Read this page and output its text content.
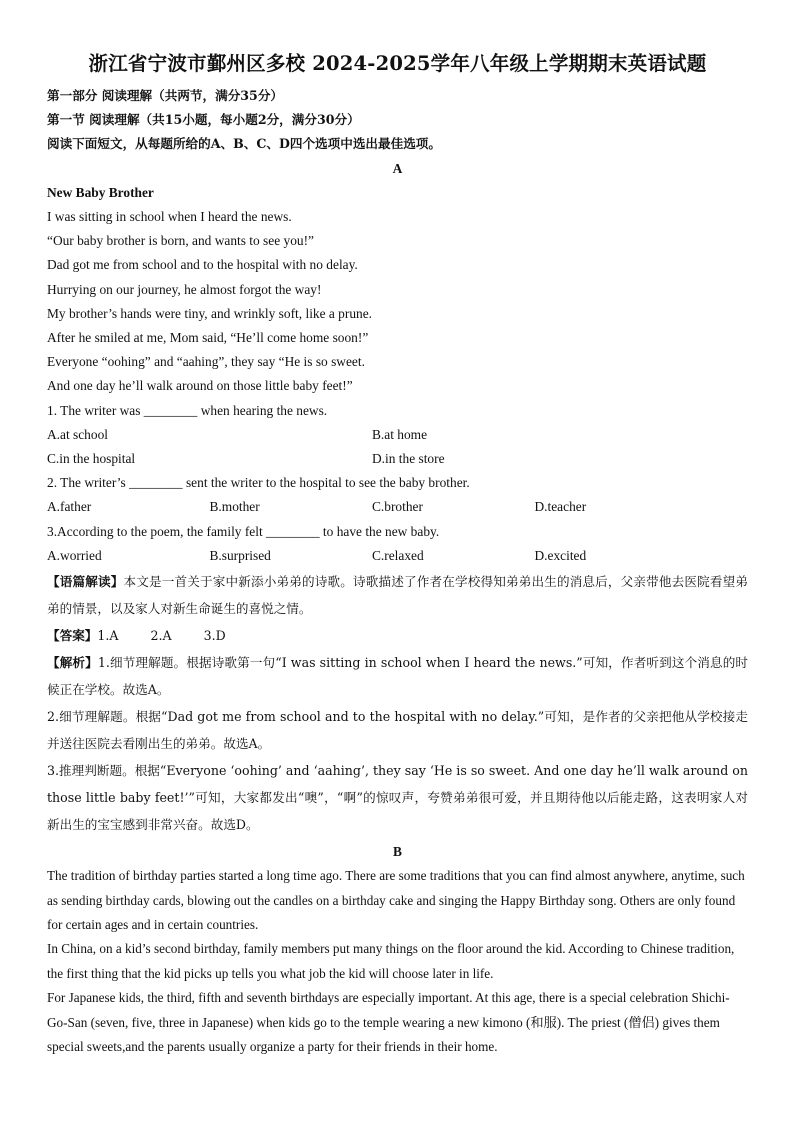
浙江省宁波市鄞州区多校 2024-2025学年八年级上学期期末英语试题
第一部分 阅读理解（共两节，满分35分）
第一节 阅读理解（共15小题，每小题2分，满分30分）
阅读下面短文，从每题所给的A、B、C、D四个选项中选出最佳选项。
A
New Baby Brother
I was sitting in school when I heard the news.
“Our baby brother is born, and wants to see you!”
Dad got me from school and to the hospital with no delay.
Hurrying on our journey, he almost forgot the way!
My brother’s hands were tiny, and wrinkly soft, like a prune.
After he smiled at me, Mom said, “He’ll come home soon!”
Everyone “oohing” and “aahing”, they say “He is so sweet.
And one day he’ll walk around on those little baby feet!”
1. The writer was ________ when hearing the news.
A.at school	B.at home
C.in the hospital	D.in the store
2. The writer’s ________ sent the writer to the hospital to see the baby brother.
A.father	B.mother	C.brother	D.teacher
3.According to the poem, the family felt ________ to have the new baby.
A.worried	B.surprised	C.relaxed	D.excited
【语篇解读】本文是一首关于家中新添小弟弟的诗歌。诗歌描述了作者在学校得知弟弟出生的消息后，父亲带他去医院看望弟弟的情景，以及家人对新生命诞生的喜悦之情。
【答案】1.A        2.A        3.D
【解析】1.细节理解题。根据诗歌第一句“I was sitting in school when I heard the news.”可知，作者听到这个消息的时候正在学校。故选A。
2.细节理解题。根据“Dad got me from school and to the hospital with no delay.”可知，是作者的父亲把他从学校接走并送往医院去看刚出生的弟弟。故选A。
3.推理判断题。根据“Everyone ‘oohing’ and ‘aahing’, they say ‘He is so sweet. And one day he’ll walk around on those little baby feet!’”可知，大家都发出“噢”，“啊”的惊叹声，夸赞弟弟很可爱，并且期待他以后能走路，这表明家人对新出生的宝宝感到非常兴奋。故选D。
B
The tradition of birthday parties started a long time ago. There are some traditions that you can find almost anywhere, anytime, such as sending birthday cards, blowing out the candles on a birthday cake and singing the Happy Birthday song. Others are only found for certain ages and in certain countries.
In China, on a kid’s second birthday, family members put many things on the floor around the kid. According to Chinese tradition, the first thing that the kid picks up tells you what job the kid will choose later in life.
For Japanese kids, the third, fifth and seventh birthdays are especially important. At this age, there is a special celebration Shichi-Go-San (seven, five, three in Japanese) when kids go to the temple wearing a new kimono (和服). The priest (僧侣) gives them special sweets,and the parents usually organize a party for their friends in their home.
